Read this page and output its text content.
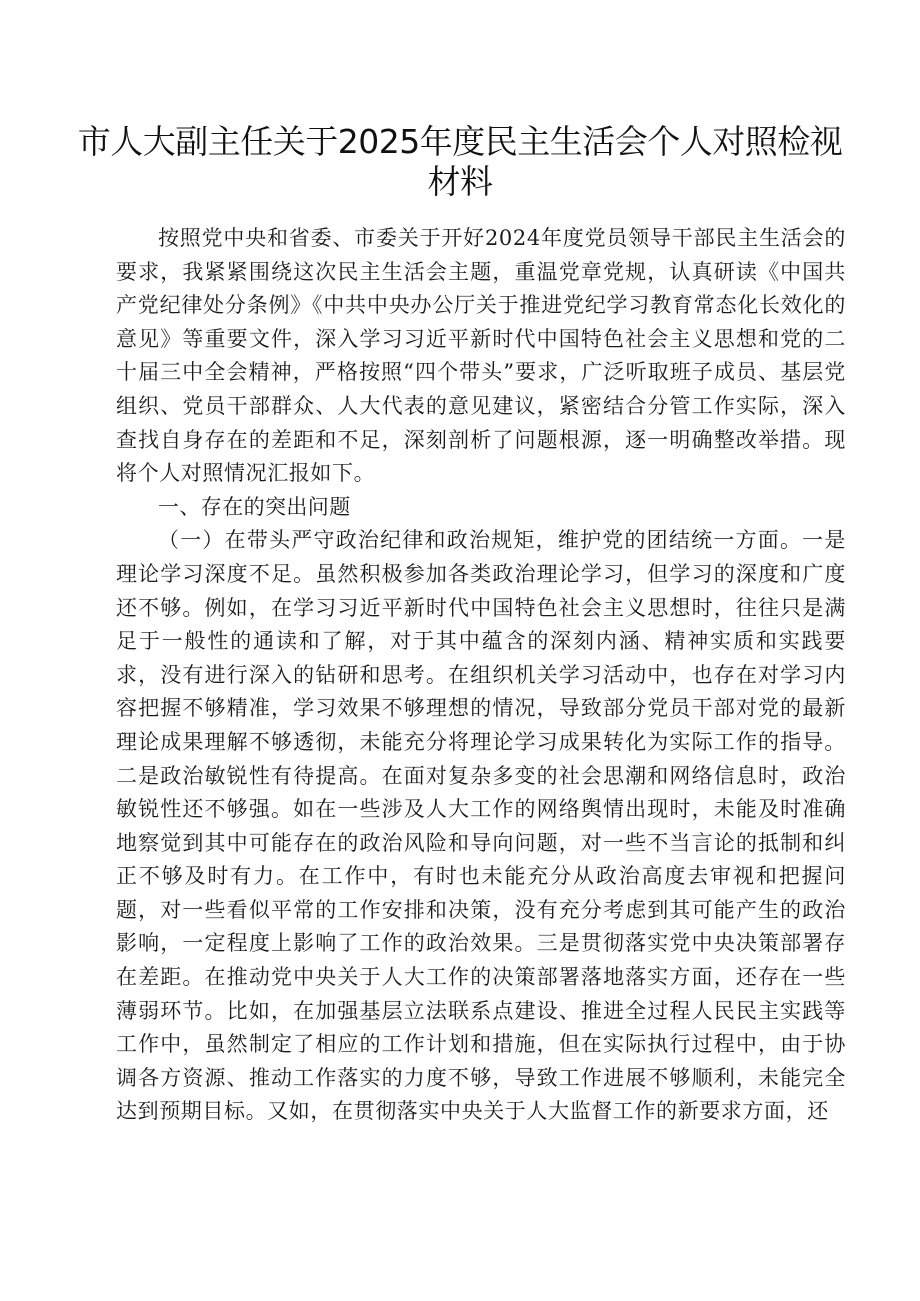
市人大副主任关于2025年度民主生活会个人对照检视材料

按照党中央和省委、市委关于开好2024年度党员领导干部民主生活会的要求，我紧紧围绕这次民主生活会主题，重温党章党规，认真研读《中国共产党纪律处分条例》《中共中央办公厅关于推进党纪学习教育常态化长效化的意见》等重要文件，深入学习习近平新时代中国特色社会主义思想和党的二十届三中全会精神，严格按照“四个带头”要求，广泛听取班子成员、基层党组织、党员干部群众、人大代表的意见建议，紧密结合分管工作实际，深入查找自身存在的差距和不足，深刻剖析了问题根源，逐一明确整改举措。现将个人对照情况汇报如下。

一、存在的突出问题

（一）在带头严守政治纪律和政治规矩，维护党的团结统一方面。一是理论学习深度不足。虽然积极参加各类政治理论学习，但学习的深度和广度还不够。例如，在学习习近平新时代中国特色社会主义思想时，往往只是满足于一般性的通读和了解，对于其中蕴含的深刻内涵、精神实质和实践要求，没有进行深入的钻研和思考。在组织机关学习活动中，也存在对学习内容把握不够精准，学习效果不够理想的情况，导致部分党员干部对党的最新理论成果理解不够透彻，未能充分将理论学习成果转化为实际工作的指导。二是政治敏锐性有待提高。在面对复杂多变的社会思潮和网络信息时，政治敏锐性还不够强。如在一些涉及人大工作的网络舆情出现时，未能及时准确地察觉到其中可能存在的政治风险和导向问题，对一些不当言论的抵制和纠正不够及时有力。在工作中，有时也未能充分从政治高度去审视和把握问题，对一些看似平常的工作安排和决策，没有充分考虑到其可能产生的政治影响，一定程度上影响了工作的政治效果。三是贯彻落实党中央决策部署存在差距。在推动党中央关于人大工作的决策部署落地落实方面，还存在一些薄弱环节。比如，在加强基层立法联系点建设、推进全过程人民民主实践等工作中，虽然制定了相应的工作计划和措施，但在实际执行过程中，由于协调各方资源、推动工作落实的力度不够，导致工作进展不够顺利，未能完全达到预期目标。又如，在贯彻落实中央关于人大监督工作的新要求方面，还
